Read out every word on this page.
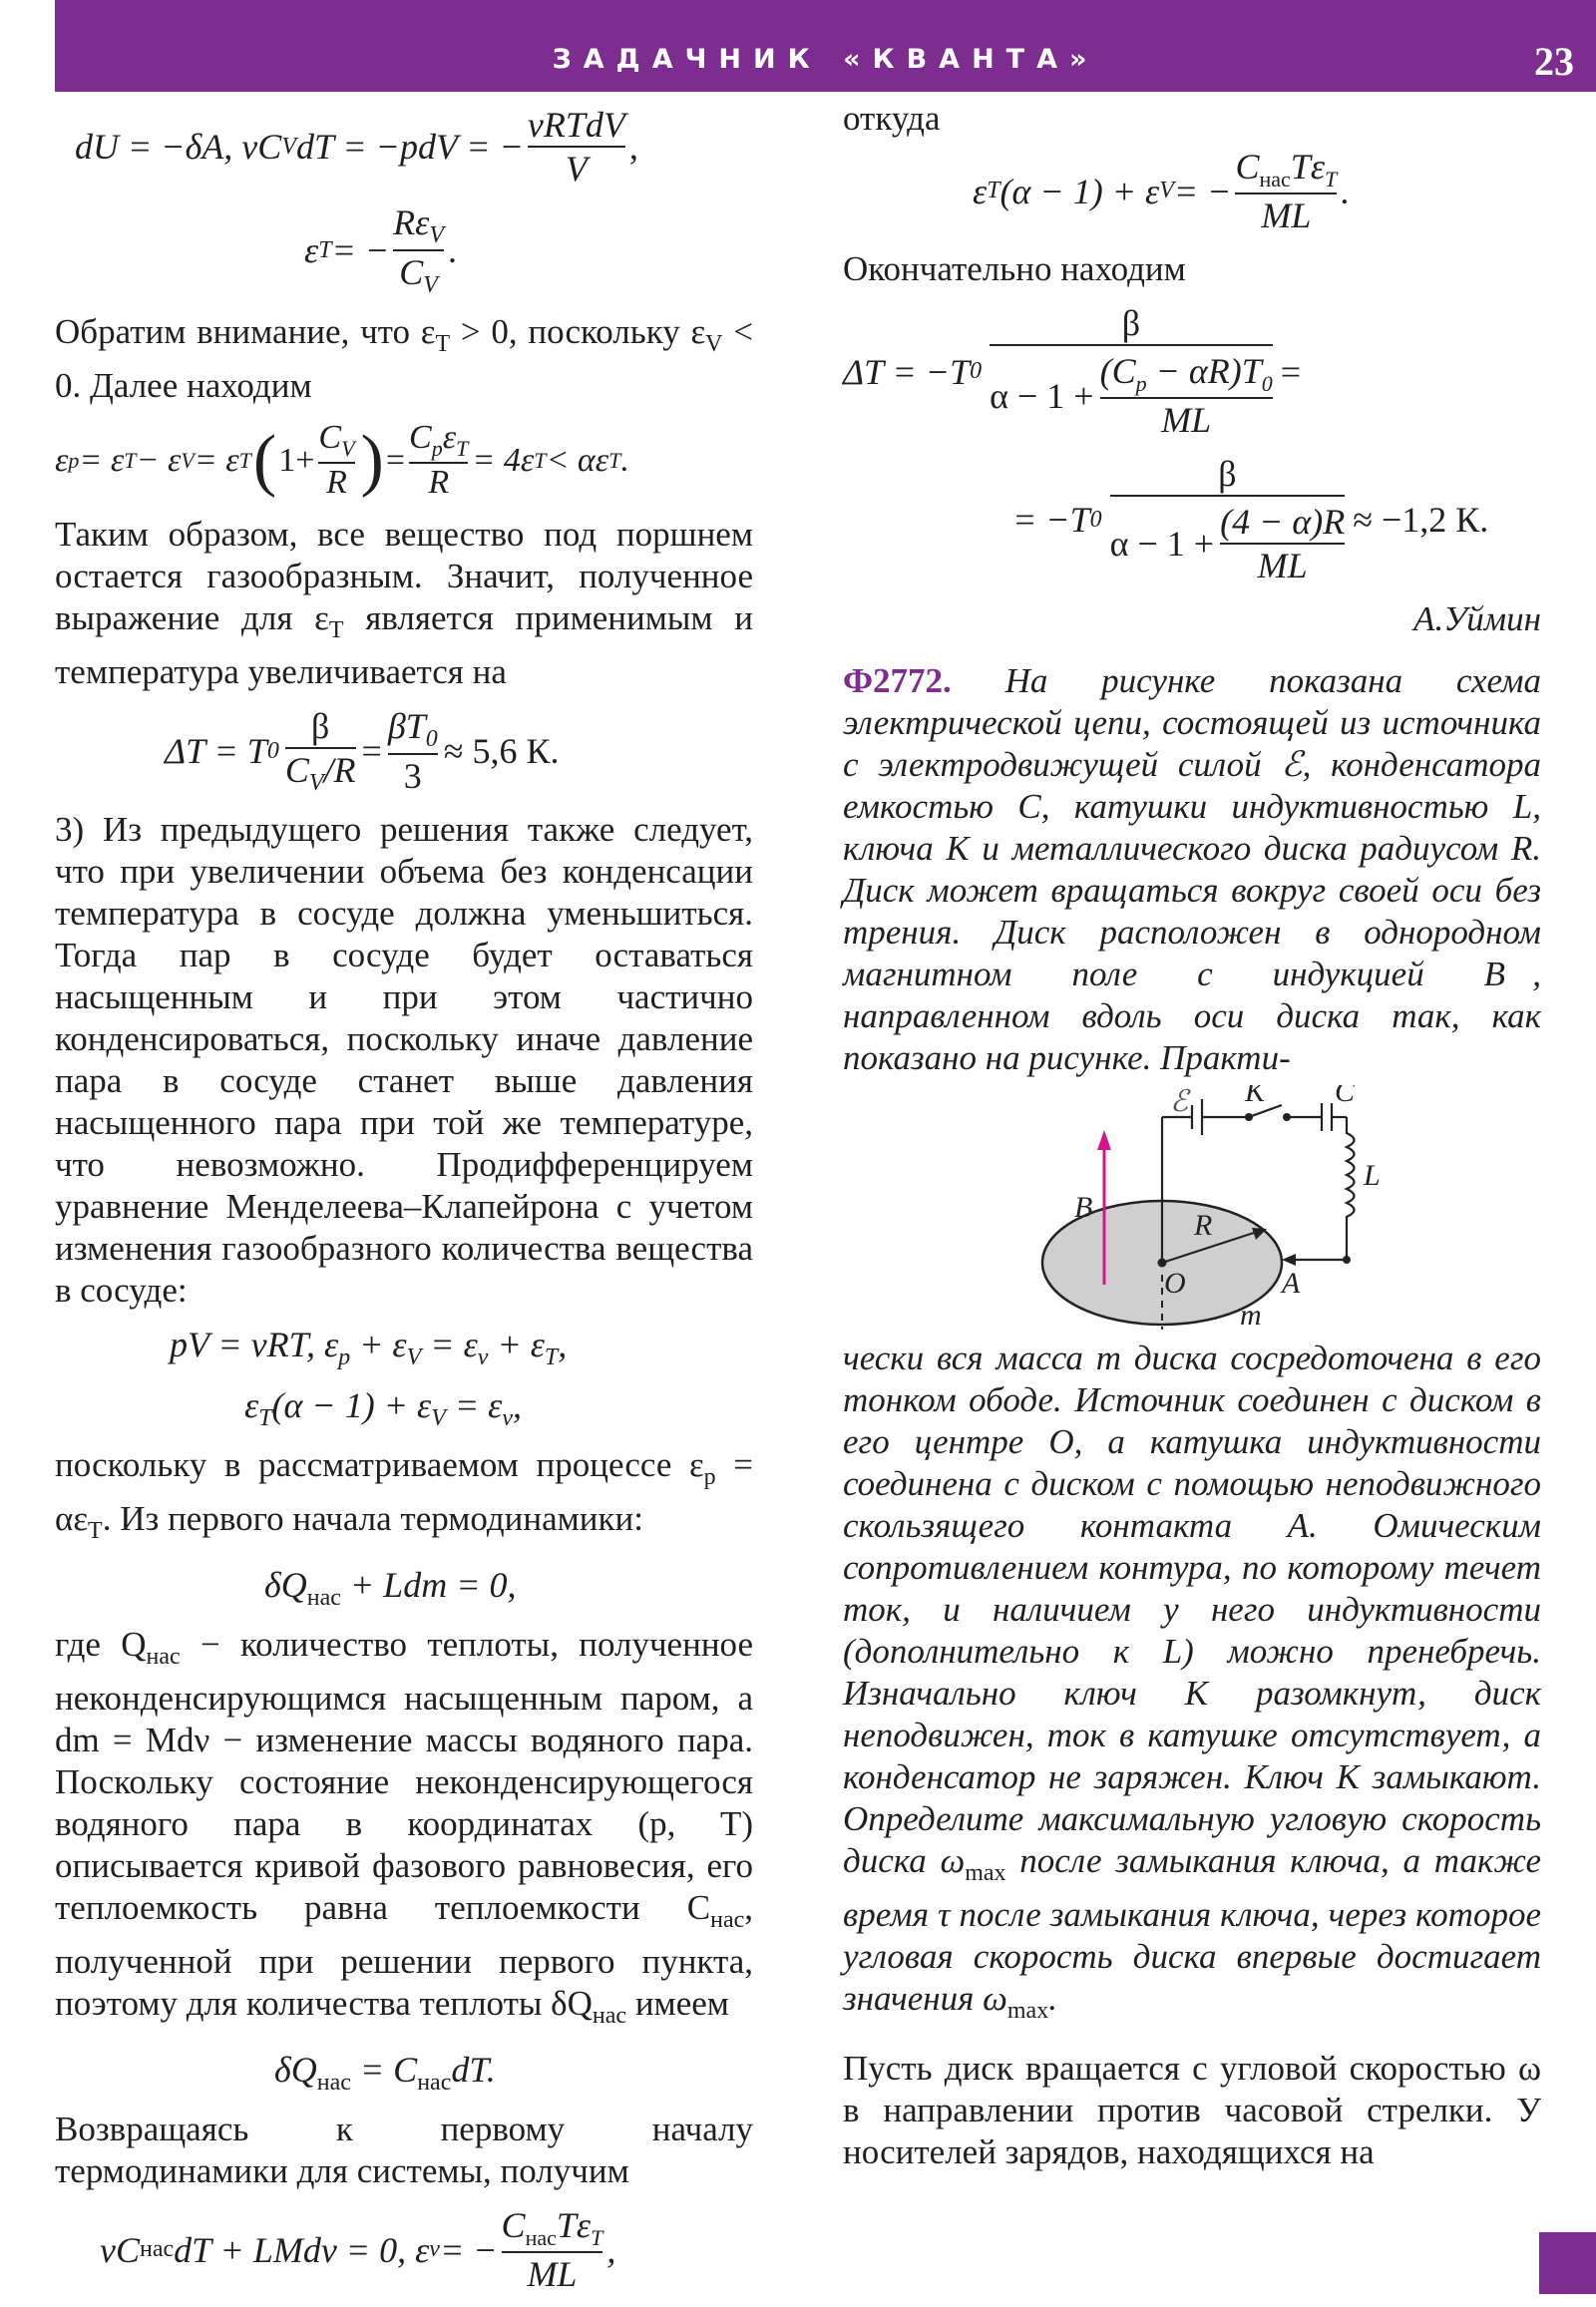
ЗАДАЧНИК «КВАНТА»	23
dU = −δA, νC V dT = −pdV = −
νRTdV
V
,
ε T = −
$R\varepsilon_V$
$C_V$
.

Обратим внимание, что $\varepsilon_T > 0$, поскольку $\varepsilon_V < 0$. Далее находим

ε p = ε T − ε V = ε T ( $1+ \frac{C_V}{R}$ ) =
$C_p\varepsilon_T$
R
= 4ε T < αε T .

Таким образом, все вещество под поршнем остается газообразным. Значит, полученное выражение для $\varepsilon_T$ является применимым и температура увеличивается на

ΔT = T $0 \frac{\beta}{C_V/R} = \frac{\beta T_0}{3} \approx 5,6$ К.

3) Из предыдущего решения также следует, что при увеличении объема без конденсации температура в сосуде должна уменьшиться. Тогда пар в сосуде будет оставаться насыщенным и при этом частично конденсироваться, поскольку иначе давление пара в сосуде станет выше давления насыщенного пара при той же температуре, что невозможно. Продифференцируем уравнение Менделеева–Клапейрона с учетом изменения газообразного количества вещества в сосуде:

pV = νRT, $\varepsilon_p + \varepsilon_V = \varepsilon_\nu + \varepsilon_T$,
$\varepsilon_T(\alpha - 1) + \varepsilon_V = \varepsilon_\nu$,

поскольку в рассматриваемом процессе $\varepsilon_p = \alpha\varepsilon_T$. Из первого начала термодинамики:

$\delta Q_{нас}$ + Ldm = 0,

где $Q_{нас}$ − количество теплоты, полученное неконденсирующимся насыщенным паром, а dm = Mdν − изменение массы водяного пара. Поскольку состояние неконденсирующегося водяного пара в координатах (p, T) описывается кривой фазового равновесия, его теплоемкость равна теплоемкости $C_{нас}$, полученной при решении первого пункта, поэтому для количества теплоты $\delta Q_{нас}$ имеем

$\delta Q_{нас} = C_{нас}dT$.

Возвращаясь к первому началу термодинамики для системы, получим

νC нас dT + LMdν = 0, ε ν = −
$C_{нас}T\varepsilon_T$
ML
,

откуда

ε T (α − 1) + ε V = −
$C_{нас}T\varepsilon_T$
ML
.

Окончательно находим

ΔT = −T $0 \frac{\beta}{\alpha - 1 + \frac{(C_p - \alpha R)T_0}{ML}}$ =
= −T $0 \frac{\beta}{\alpha - 1 + \frac{(4 - \alpha)R}{ML}} \approx -1,2$ К.
А.Уймин

Ф2772. На рисунке показана схема электрической цепи, состоящей из источника с электродвижущей силой ℰ, конденсатора емкостью C, катушки индуктивностью L, ключа K и металлического диска радиусом R. Диск может вращаться вокруг своей оси без трения. Диск расположен в однородном магнитном поле с индукцией B⃗, направленном вдоль оси диска так, как показано на рисунке. Практи-

ℰ K C
L
B
R
O	A
m

чески вся масса m диска сосредоточена в его тонком ободе. Источник соединен с диском в его центре O, а катушка индуктивности соединена с диском с помощью неподвижного скользящего контакта A. Омическим сопротивлением контура, по которому течет ток, и наличием у него индуктивности (дополнительно к L) можно пренебречь. Изначально ключ K разомкнут, диск неподвижен, ток в катушке отсутствует, а конденсатор не заряжен. Ключ K замыкают. Определите максимальную угловую скорость диска $\omega_{max}$ после замыкания ключа, а также время τ после замыкания ключа, через которое угловая скорость диска впервые достигает значения $\omega_{max}$.

Пусть диск вращается с угловой скоростью ω в направлении против часовой стрелки. У носителей зарядов, находящихся на
